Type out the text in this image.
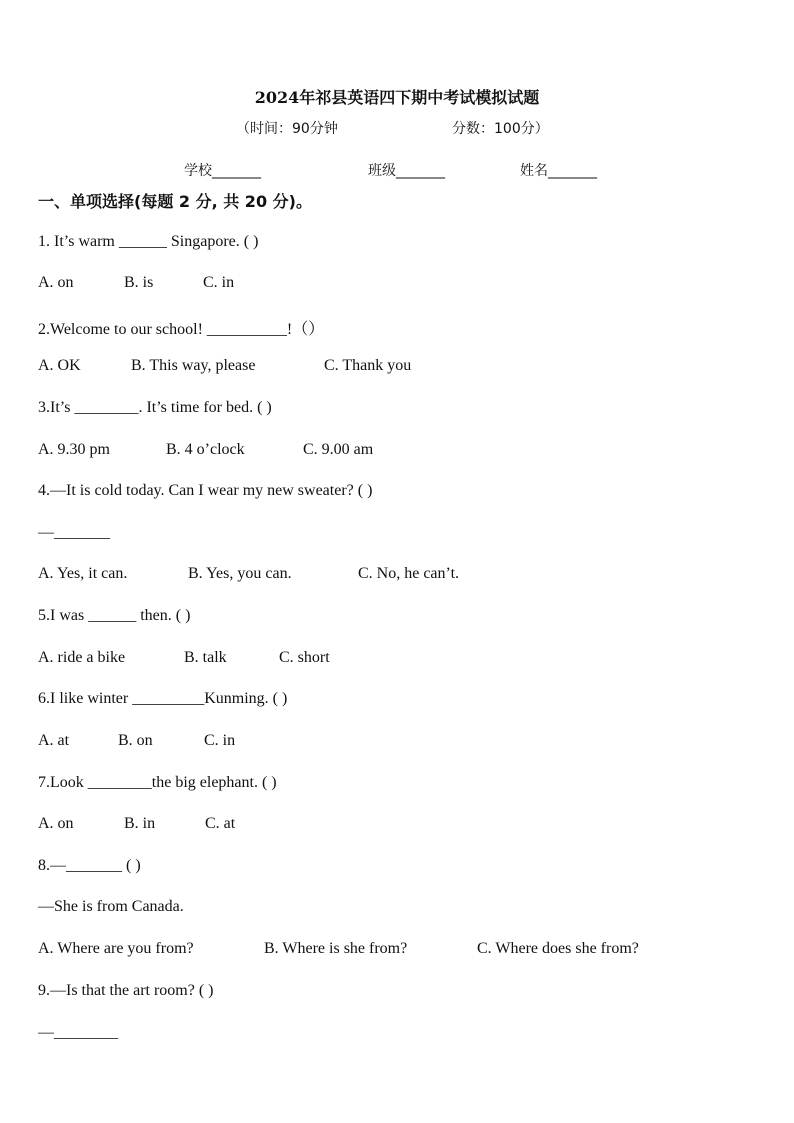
2024年祁县英语四下期中考试模拟试题
（时间：90分钟	分数：100分）
学校_______	班级_______	姓名_______
一、单项选择(每题 2 分, 共 20 分)。
1. It’s warm ______ Singapore. ( )
A. on	B. is	C. in
2.Welcome to our school! __________!（）
A. OK	B. This way, please	C. Thank you
3.It’s ________. It’s time for bed. ( )
A. 9.30 pm	B. 4 o’clock	C. 9.00 am
4.—It is cold today. Can I wear my new sweater? ( )
—_______
A. Yes, it can.	B. Yes, you can.	C. No, he can’t.
5.I was ______ then. ( )
A. ride a bike	B. talk	C. short
6.I like winter _________Kunming. ( )
A. at	B. on	C. in
7.Look ________the big elephant. ( )
A. on	B. in	C. at
8.—_______ ( )
—She is from Canada.
A. Where are you from?	B. Where is she from?	C. Where does she from?
9.—Is that the art room? ( )
—________
